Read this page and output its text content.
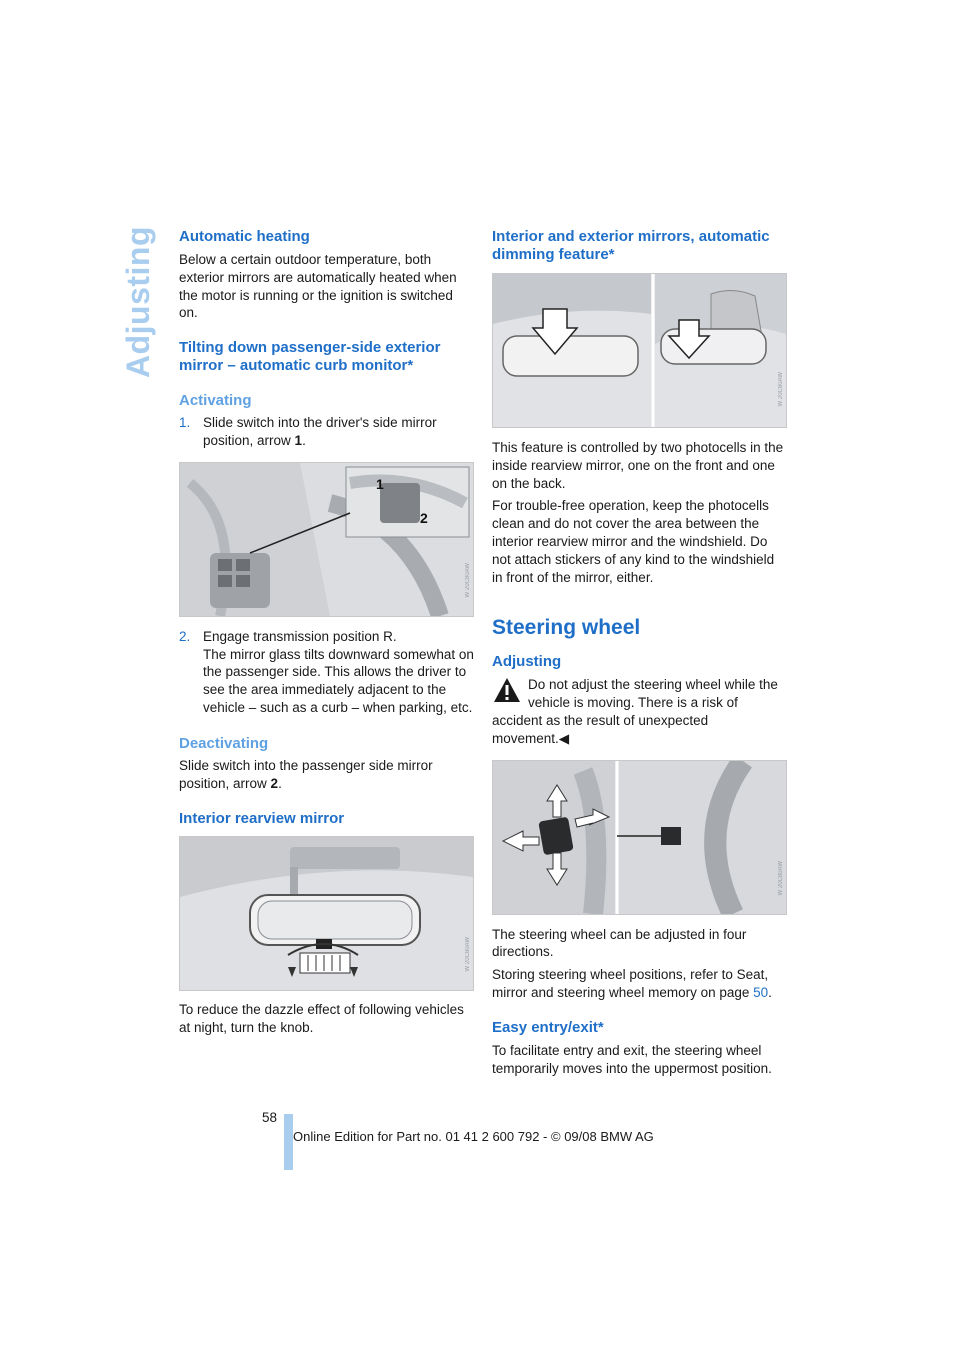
Adjusting Automatic heating

Below a certain outdoor temperature, both exterior mirrors are automatically heated when the motor is running or the ignition is switched on.

Tilting down passenger-side exterior mirror – automatic curb monitor*
Activating
1. Slide switch into the driver's side mirror position, arrow 1.
1
2
W 20C80AW
2. Engage transmission position R.
The mirror glass tilts downward somewhat on the passenger side. This allows the driver to see the area immediately adjacent to the vehicle – such as a curb – when parking, etc.
Deactivating

Slide switch into the passenger side mirror position, arrow 2.

Interior rearview mirror
W 20C80AW

To reduce the dazzle effect of following vehicles at night, turn the knob.

Interior and exterior mirrors, automatic dimming feature*
W 20C80AW

This feature is controlled by two photocells in the inside rearview mirror, one on the front and one on the back.

For trouble-free operation, keep the photocells clean and do not cover the area between the interior rearview mirror and the windshield. Do not attach stickers of any kind to the windshield in front of the mirror, either.

Steering wheel
Adjusting

Do not adjust the steering wheel while the vehicle is moving. There is a risk of accident as the result of unexpected movement.◀

W 20C80AW

The steering wheel can be adjusted in four directions.

Storing steering wheel positions, refer to Seat, mirror and steering wheel memory on page 50.

Easy entry/exit*

To facilitate entry and exit, the steering wheel temporarily moves into the uppermost position.

58
Online Edition for Part no. 01 41 2 600 792 - © 09/08 BMW AG
